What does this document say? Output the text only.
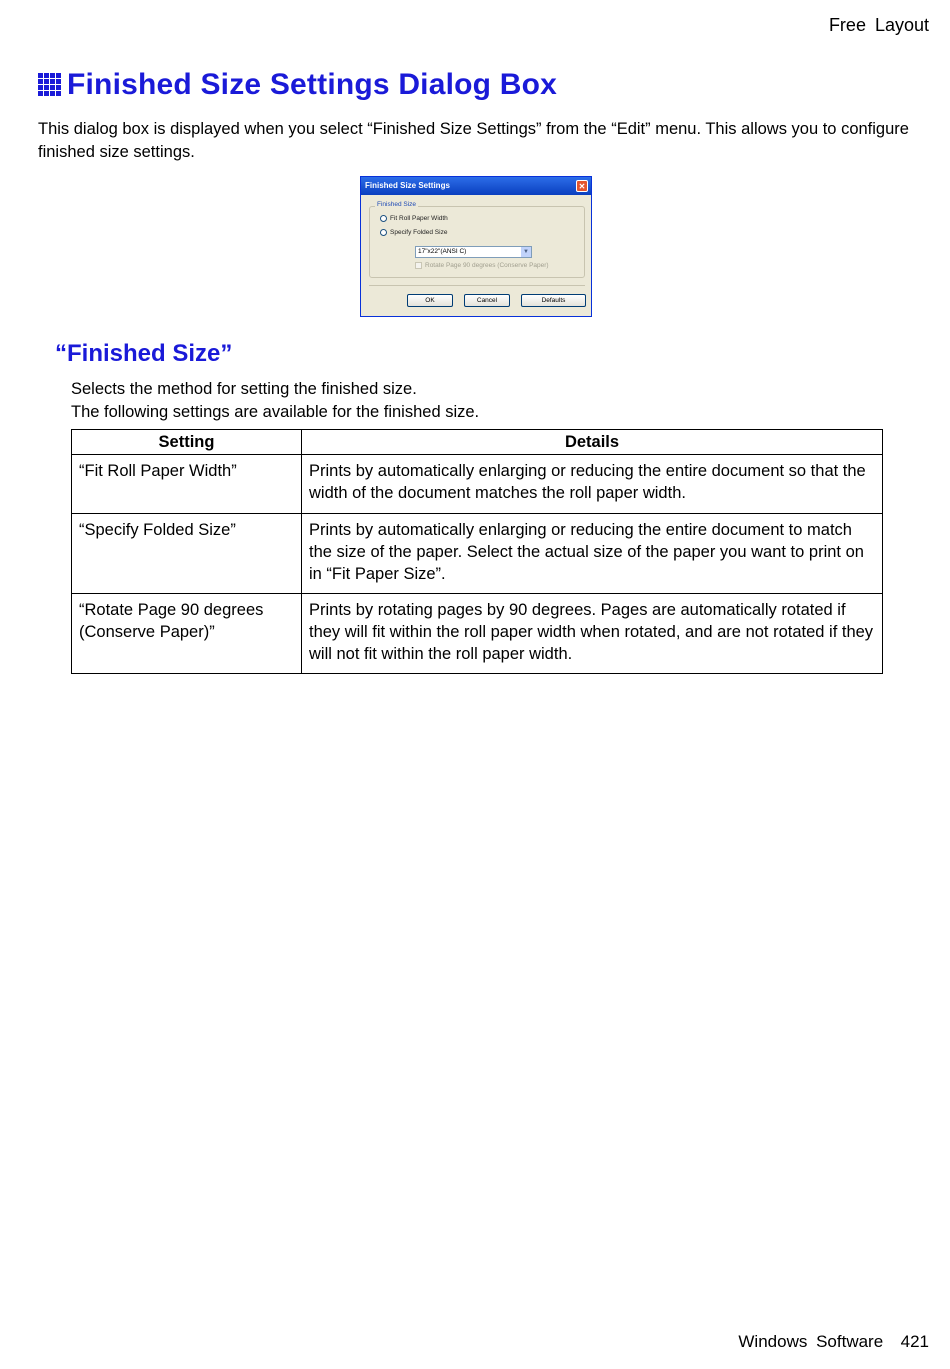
Free Layout
Finished Size Settings Dialog Box

This dialog box is displayed when you select “Finished Size Settings” from the “Edit” menu. This allows you to configure finished size settings.

Finished Size Settings	✕
Finished Size
Fit Roll Paper Width
Specify Folded Size
17"x22"(ANSI C)	▼
Rotate Page 90 degrees (Conserve Paper)
OK	Cancel	Defaults
“Finished Size”
Selects the method for setting the finished size.
The following settings are available for the finished size.
Setting	Details
“Fit Roll Paper Width”	Prints by automatically enlarging or reducing the entire document so that the width of the document matches the roll paper width.
“Specify Folded Size”	Prints by automatically enlarging or reducing the entire document to match the size of the paper. Select the actual size of the paper you want to print on in “Fit Paper Size”.
“Rotate Page 90 degrees (Conserve Paper)”	Prints by rotating pages by 90 degrees. Pages are automatically rotated if they will fit within the roll paper width when rotated, and are not rotated if they will not fit within the roll paper width.
Windows Software 421
